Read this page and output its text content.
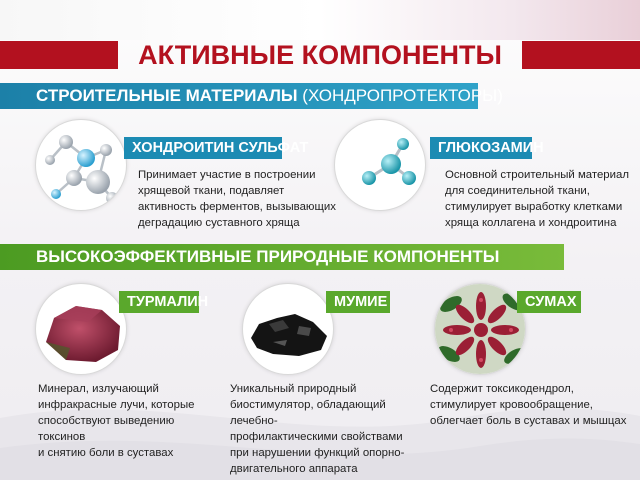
АКТИВНЫЕ КОМПОНЕНТЫ
СТРОИТЕЛЬНЫЕ МАТЕРИАЛЫ (ХОНДРОПРОТЕКТОРЫ)
ХОНДРОИТИН СУЛЬФАТ
Принимает участие в построении
хрящевой ткани, подавляет
активность ферментов, вызывающих
деградацию суставного хряща
ГЛЮКОЗАМИН
Основной строительный материал
для соединительной ткани,
стимулирует выработку клетками
хряща коллагена и хондроитина
ВЫСОКОЭФФЕКТИВНЫЕ ПРИРОДНЫЕ КОМПОНЕНТЫ
ТУРМАЛИН
Минерал, излучающий
инфракрасные лучи, которые
способствуют выведению токсинов
и снятию боли в суставах
МУМИЕ
Уникальный природный
биостимулятор, обладающий лечебно-
профилактическими свойствами
при нарушении функций опорно-
двигательного аппарата
СУМАХ
Содержит токсикодендрол,
стимулирует кровообращение,
облегчает боль в суставах и мышцах
